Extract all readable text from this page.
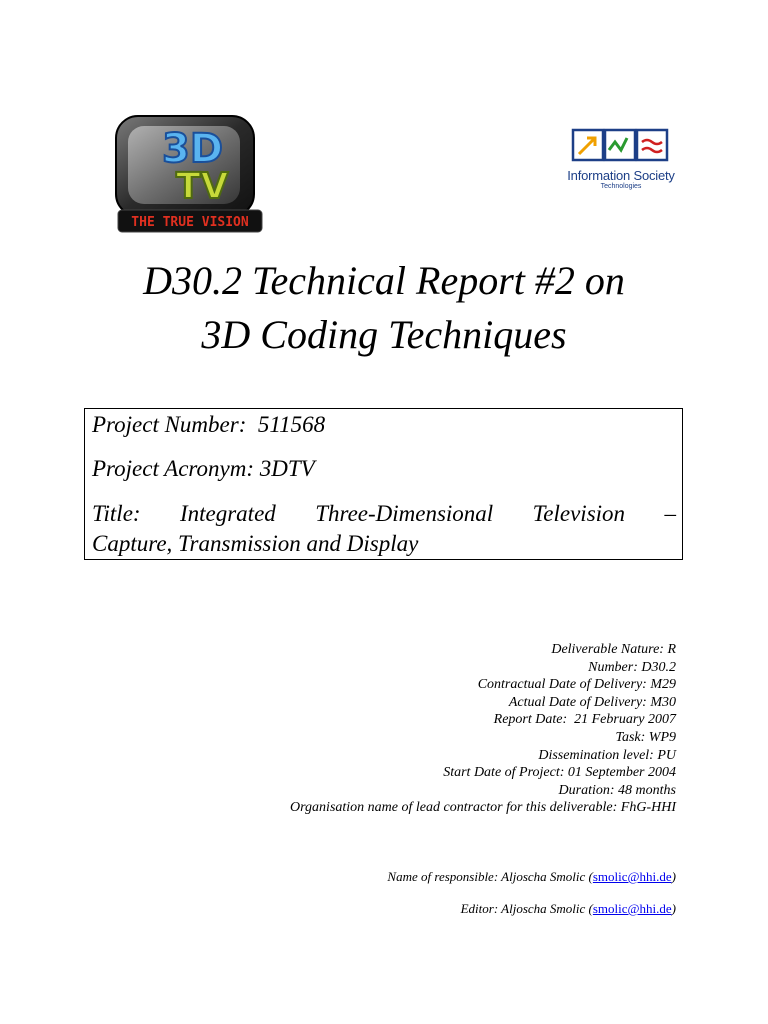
3D
TV
THE TRUE VISION
Information Society
Technologies
D30.2 Technical Report #2 on
3D Coding Techniques
Project Number: 511568
Project Acronym: 3DTV
Title: Integrated Three-Dimensional Television –
Capture, Transmission and Display
Deliverable Nature: R
Number: D30.2
Contractual Date of Delivery: M29
Actual Date of Delivery: M30
Report Date:  21 February 2007
Task: WP9
Dissemination level: PU
Start Date of Project: 01 September 2004
Duration: 48 months
Organisation name of lead contractor for this deliverable: FhG-HHI
Name of responsible: Aljoscha Smolic (smolic@hhi.de)
Editor: Aljoscha Smolic (smolic@hhi.de)
